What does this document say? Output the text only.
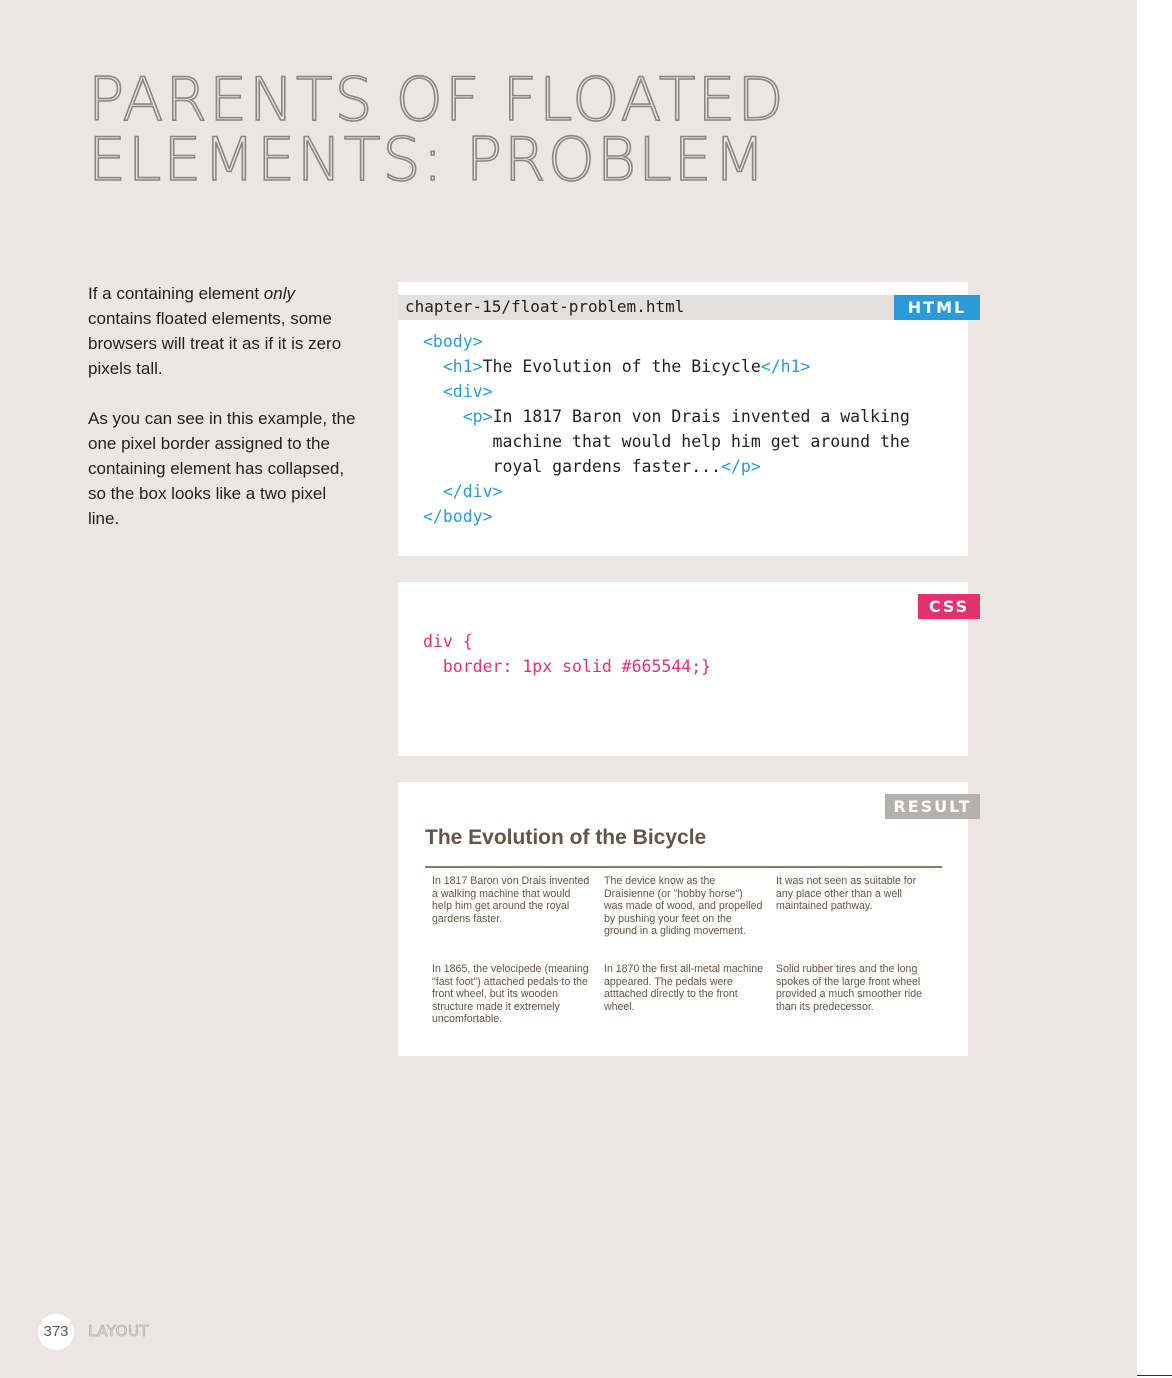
PARENTS OF FLOATED
ELEMENTS: PROBLEM

If a containing element only contains floated elements, some browsers will treat it as if it is zero pixels tall.

As you can see in this example, the one pixel border assigned to the containing element has collapsed, so the box looks like a two pixel line.

chapter-15/float-problem.html	HTML
<body>
<h1>The Evolution of the Bicycle</h1>
<div>
<p>In 1817 Baron von Drais invented a walking
machine that would help him get around the
royal gardens faster...</p>
</div>
</body>
CSS
div {
border: 1px solid #665544;}
RESULT
The Evolution of the Bicycle
In 1817 Baron von Drais invented a walking machine that would help him get around the royal gardens faster.
The device know as the Draisienne (or "hobby horse") was made of wood, and propelled by pushing your feet on the ground in a gliding movement.
It was not seen as suitable for any place other than a well maintained pathway.
In 1865, the velocipede (meaning "fast foot") attached pedals to the front wheel, but its wooden structure made it extremely uncomfortable.
In 1870 the first all-metal machine appeared. The pedals were atttached directly to the front wheel.
Solid rubber tires and the long spokes of the large front wheel provided a much smoother ride than its predecessor.
373	LAYOUT
